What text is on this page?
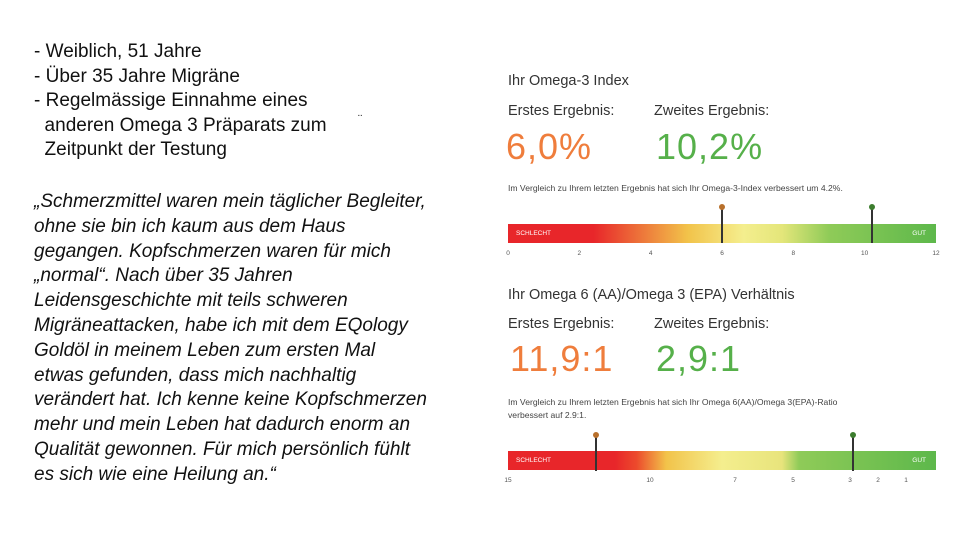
- Weiblich, 51 Jahre
- Über 35 Jahre Migräne
- Regelmässige Einnahme eines
anderen Omega 3 Präparats zum
Zeitpunkt der Testung
¨
„Schmerzmittel waren mein täglicher Begleiter,
ohne sie bin ich kaum aus dem Haus
gegangen. Kopfschmerzen waren für mich
„normal“. Nach über 35 Jahren
Leidensgeschichte mit teils schweren
Migräneattacken, habe ich mit dem EQology
Goldöl in meinem Leben zum ersten Mal
etwas gefunden, dass mich nachhaltig
verändert hat. Ich kenne keine Kopfschmerzen
mehr und mein Leben hat dadurch enorm an
Qualität gewonnen. Für mich persönlich fühlt
es sich wie eine Heilung an.“
Ihr Omega-3 Index
Erstes Ergebnis:	Zweites Ergebnis:
6,0% 10,2%
Im Vergleich zu Ihrem letzten Ergebnis hat sich Ihr Omega-3-Index verbessert um 4.2%.
SCHLECHT	GUT
0	2	4	6	8	10	12
Ihr Omega 6 (AA)/Omega 3 (EPA) Verhältnis
Erstes Ergebnis:	Zweites Ergebnis:
11,9:1 2,9:1
Im Vergleich zu Ihrem letzten Ergebnis hat sich Ihr Omega 6(AA)/Omega 3(EPA)-Ratio
verbessert auf 2.9:1.
SCHLECHT	GUT
15	10	7	5	3	2	1
